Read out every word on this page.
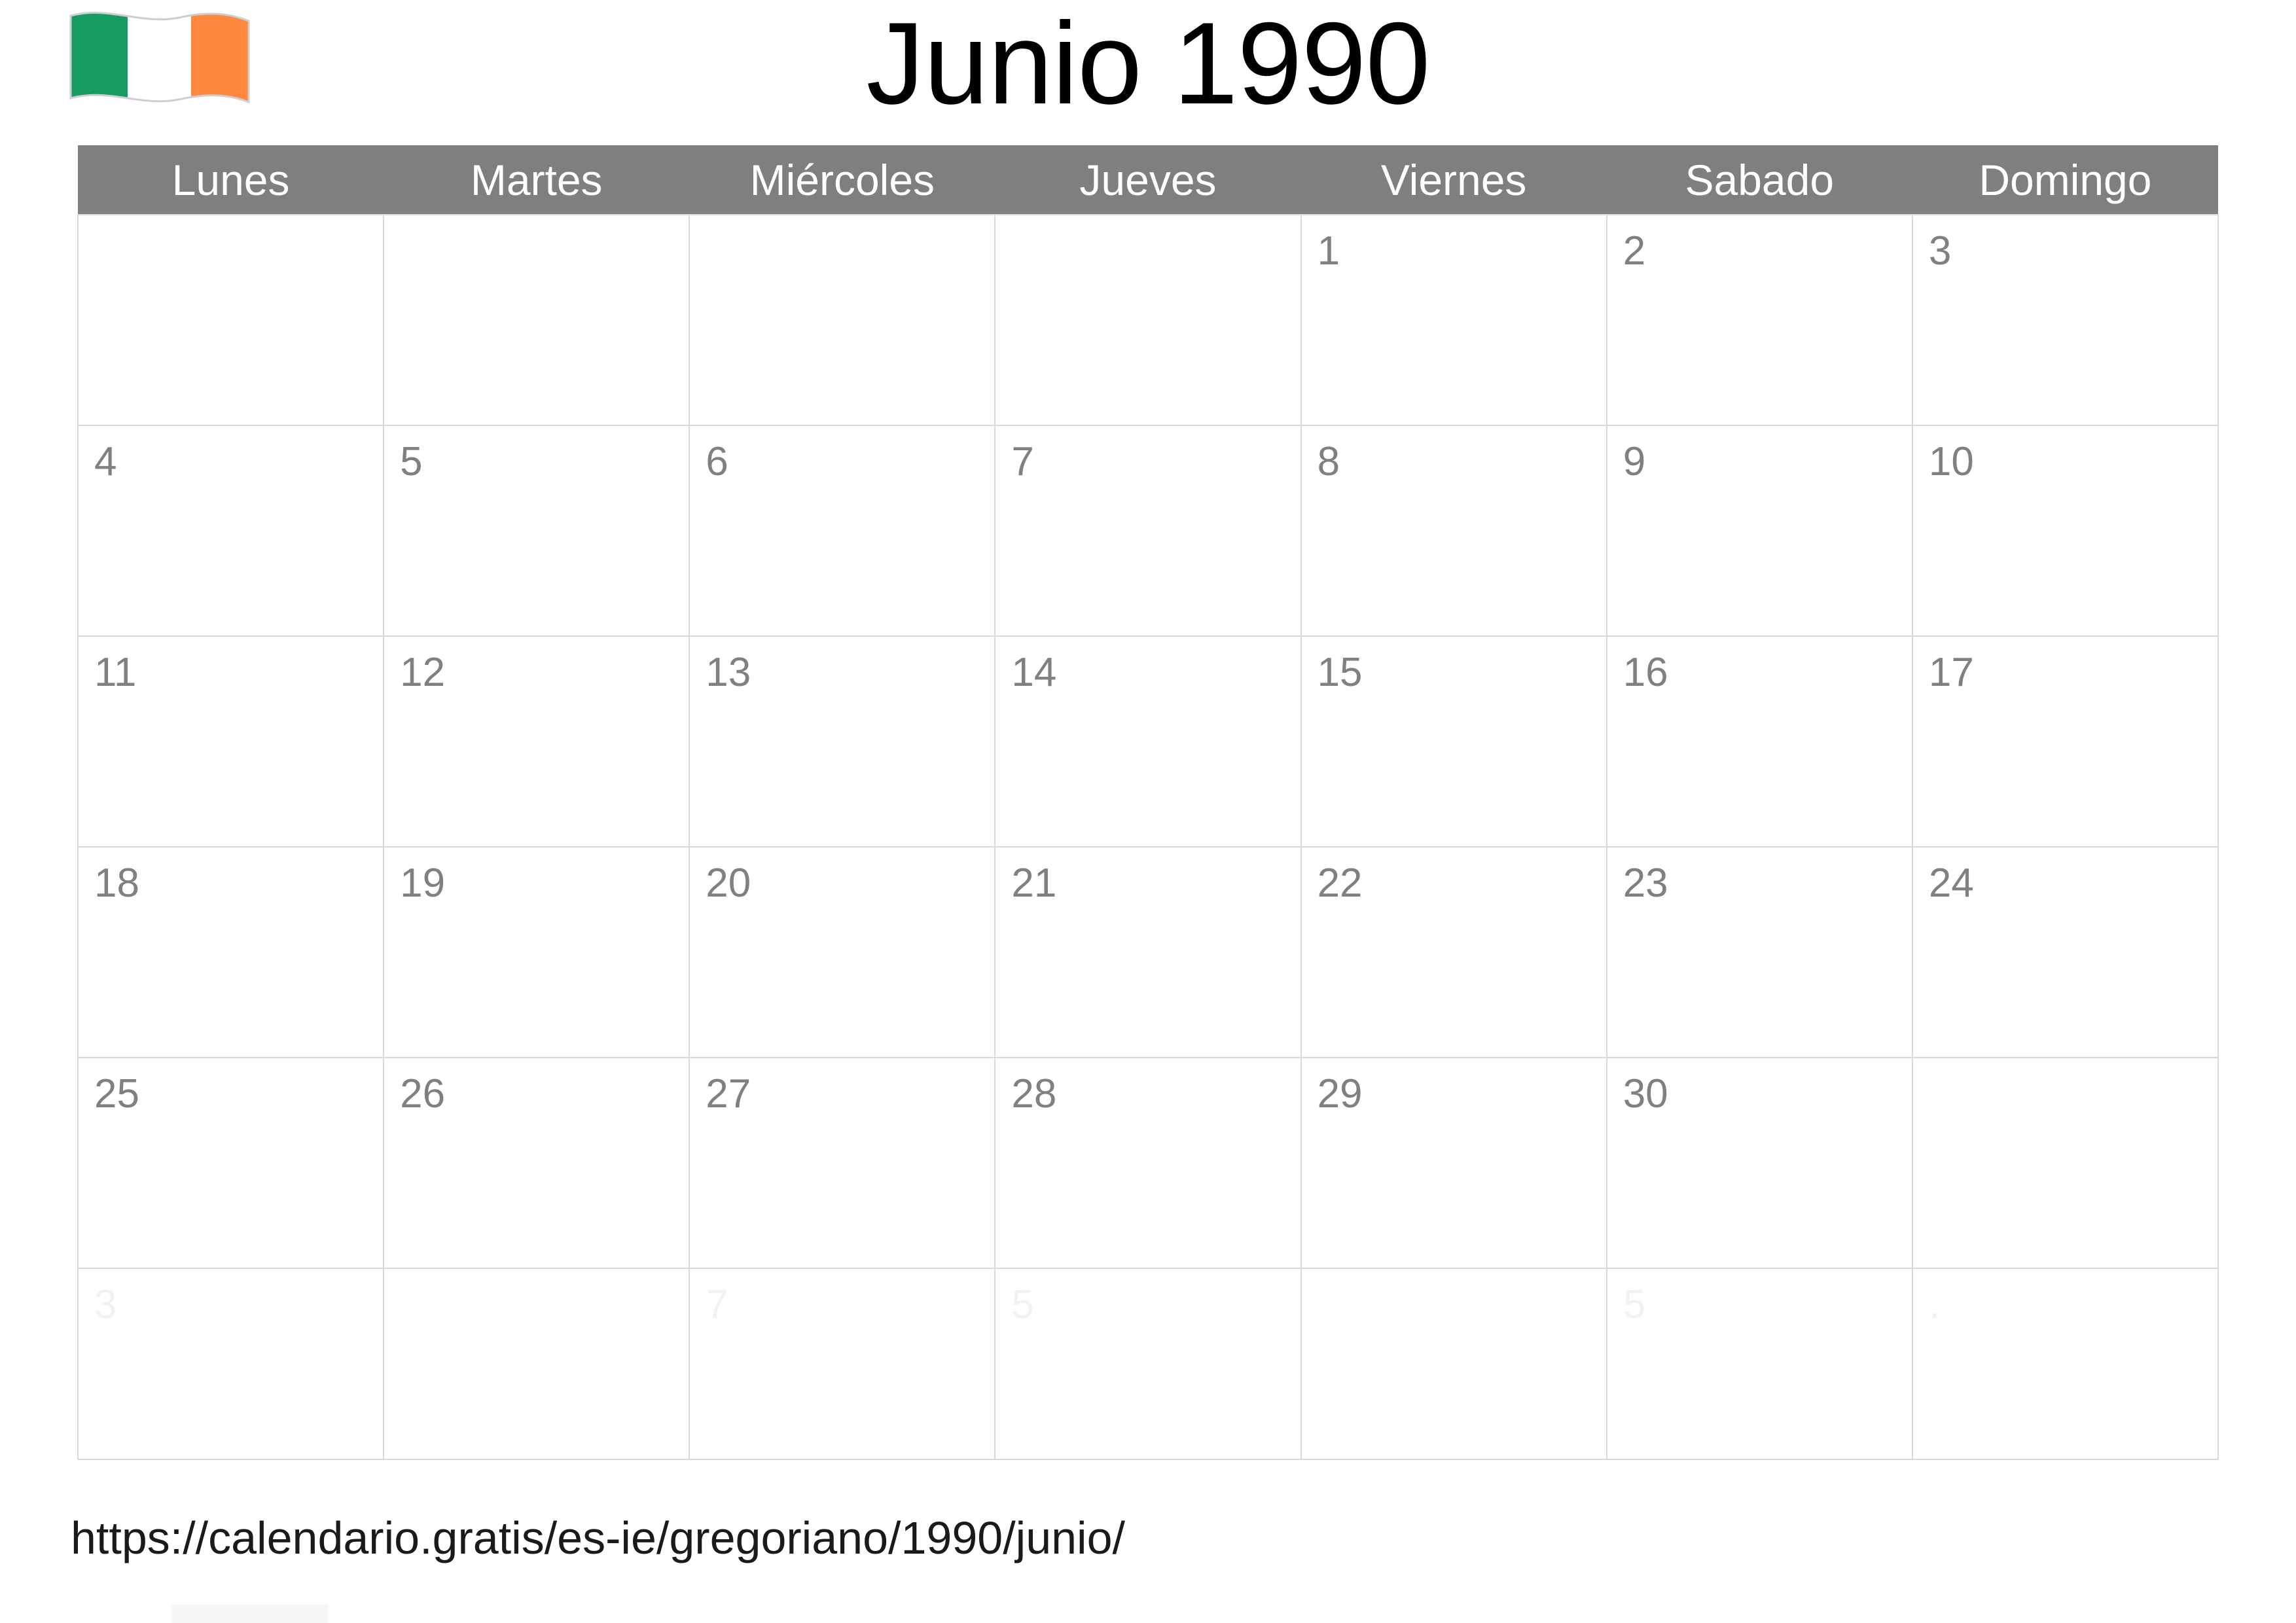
Junio 1990
Lunes	Martes	Miércoles	Jueves	Viernes	Sabado	Domingo

				1	2	3

4	5	6	7	8	9	10

11	12	13	14	15	16	17

18	19	20	21	22	23	24

25	26	27	28	29	30	

3		7	5		5	.
https://calendario.gratis/es-ie/gregoriano/1990/junio/
